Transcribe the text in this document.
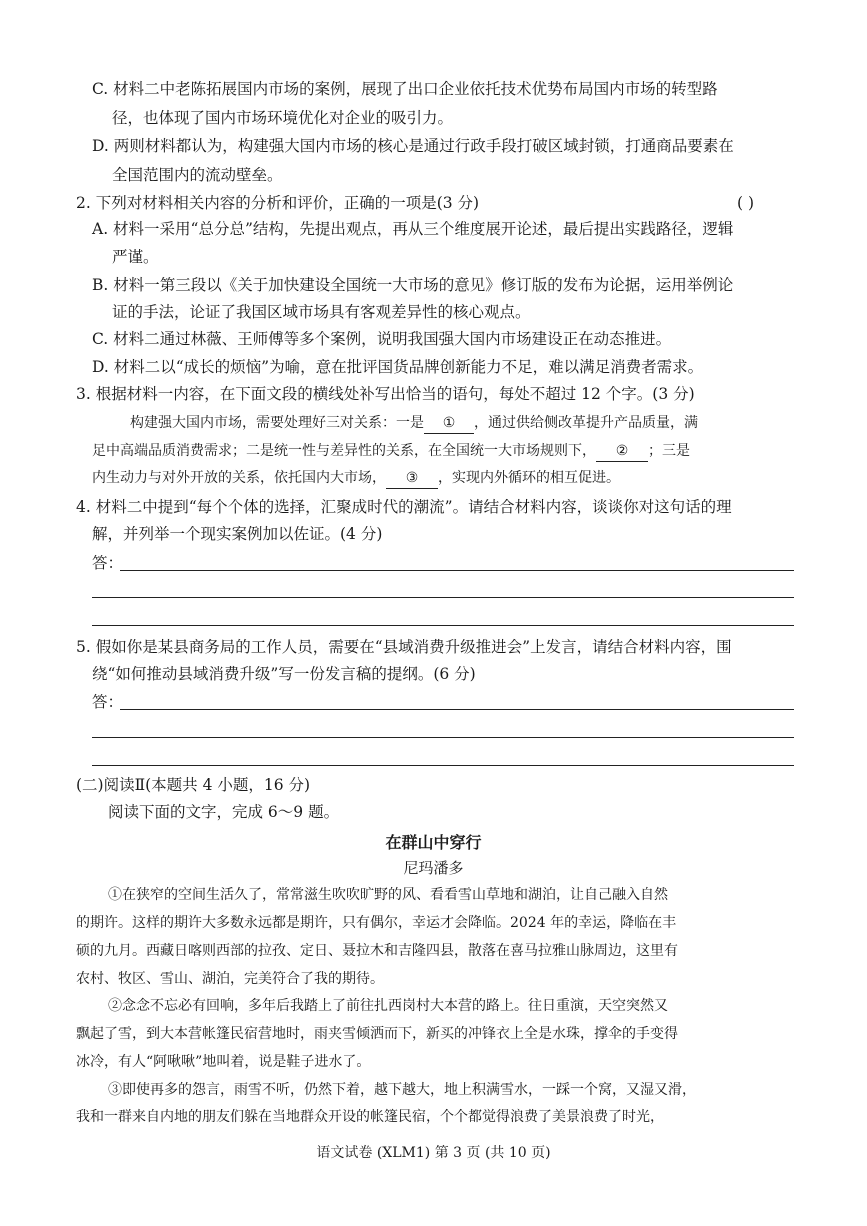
C. 材料二中老陈拓展国内市场的案例，展现了出口企业依托技术优势布局国内市场的转型路
径，也体现了国内市场环境优化对企业的吸引力。
D. 两则材料都认为，构建强大国内市场的核心是通过行政手段打破区域封锁，打通商品要素在
全国范围内的流动壁垒。
2. 下列对材料相关内容的分析和评价，正确的一项是(3 分)	( )
A. 材料一采用“总分总”结构，先提出观点，再从三个维度展开论述，最后提出实践路径，逻辑
严谨。
B. 材料一第三段以《关于加快建设全国统一大市场的意见》修订版的发布为论据，运用举例论
证的手法，论证了我国区域市场具有客观差异性的核心观点。
C. 材料二通过林薇、王师傅等多个案例，说明我国强大国内市场建设正在动态推进。
D. 材料二以“成长的烦恼”为喻，意在批评国货品牌创新能力不足，难以满足消费者需求。
3. 根据材料一内容，在下面文段的横线处补写出恰当的语句，每处不超过 12 个字。(3 分)
构建强大国内市场，需要处理好三对关系：一是 ① ，通过供给侧改革提升产品质量，满
足中高端品质消费需求；二是统一性与差异性的关系，在全国统一大市场规则下， ② ；三是
内生动力与对外开放的关系，依托国内大市场， ③ ，实现内外循环的相互促进。
4. 材料二中提到“每个个体的选择，汇聚成时代的潮流”。请结合材料内容，谈谈你对这句话的理
解，并列举一个现实案例加以佐证。(4 分)
答：
5. 假如你是某县商务局的工作人员，需要在“县域消费升级推进会”上发言，请结合材料内容，围
绕“如何推动县域消费升级”写一份发言稿的提纲。(6 分)
答：
(二)阅读Ⅱ(本题共 4 小题，16 分)
阅读下面的文字，完成 6～9 题。
在群山中穿行
尼玛潘多
①在狭窄的空间生活久了，常常滋生吹吹旷野的风、看看雪山草地和湖泊，让自己融入自然
的期许。这样的期许大多数永远都是期许，只有偶尔，幸运才会降临。2024 年的幸运，降临在丰
硕的九月。西藏日喀则西部的拉孜、定日、聂拉木和吉隆四县，散落在喜马拉雅山脉周边，这里有
农村、牧区、雪山、湖泊，完美符合了我的期待。
②念念不忘必有回响，多年后我踏上了前往扎西岗村大本营的路上。往日重演，天空突然又
飘起了雪，到大本营帐篷民宿营地时，雨夹雪倾洒而下，新买的冲锋衣上全是水珠，撑伞的手变得
冰冷，有人“阿啾啾”地叫着，说是鞋子进水了。
③即使再多的怨言，雨雪不听，仍然下着，越下越大，地上积满雪水，一踩一个窝，又湿又滑，
我和一群来自内地的朋友们躲在当地群众开设的帐篷民宿，个个都觉得浪费了美景浪费了时光，
语文试卷 (XLM1) 第 3 页 (共 10 页)
